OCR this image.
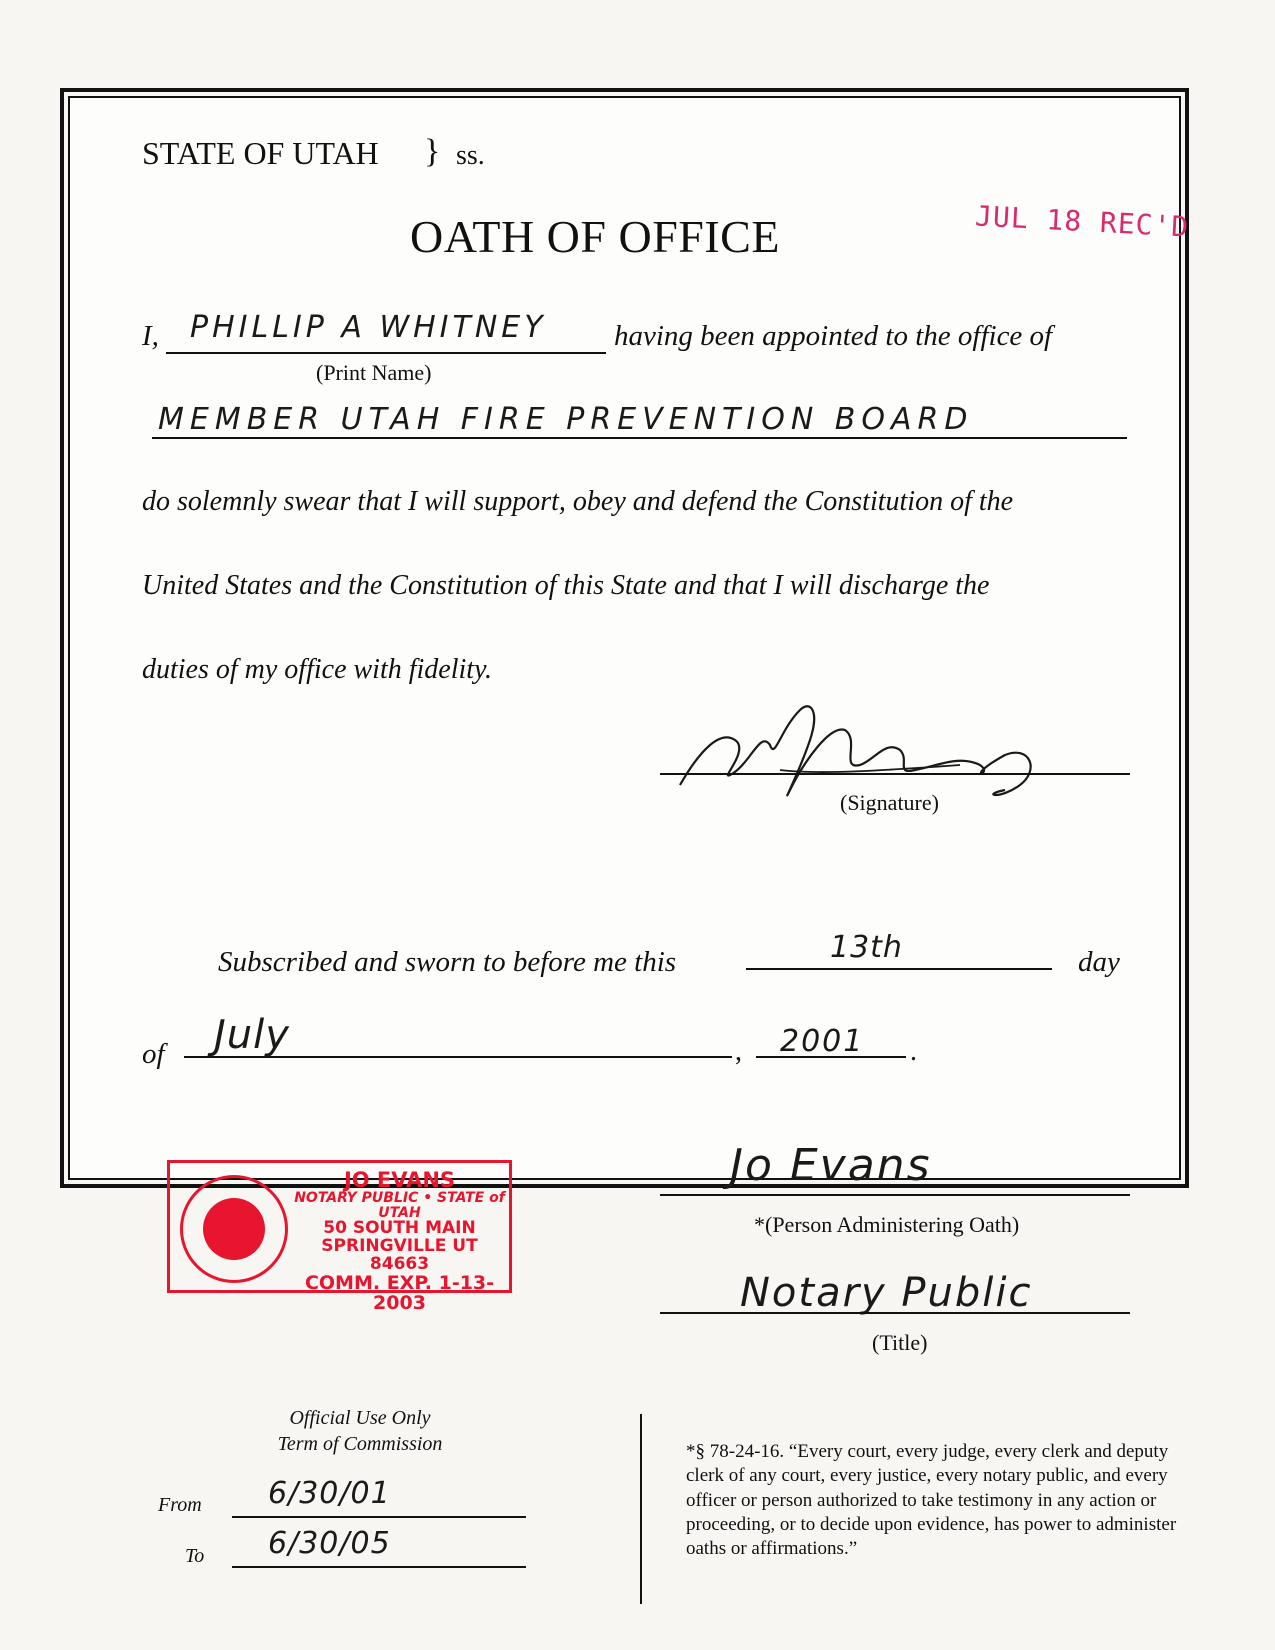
STATE OF UTAH } ss.
JUL 18 REC'D
OATH OF OFFICE
I, PHILLIP A WHITNEY having been appointed to the office of
(Print Name)
MEMBER UTAH FIRE PREVENTION BOARD
do solemnly swear that I will support, obey and defend the Constitution of the
United States and the Constitution of this State and that I will discharge the
duties of my office with fidelity.
(Signature)
Subscribed and sworn to before me this	13th	day
of July	, 2001 .
JO EVANS
NOTARY PUBLIC • STATE of UTAH
50 SOUTH MAIN
SPRINGVILLE UT 84663
COMM. EXP. 1-13-2003
Jo Evans
*(Person Administering Oath)
Notary Public
(Title)
Official Use Only
Term of Commission
From 6/30/01
To 6/30/05
*§ 78-24-16. “Every court, every judge, every clerk and deputy clerk of any court, every justice, every notary public, and every officer or person authorized to take testimony in any action or proceeding, or to decide upon evidence, has power to administer oaths or affirmations.”
